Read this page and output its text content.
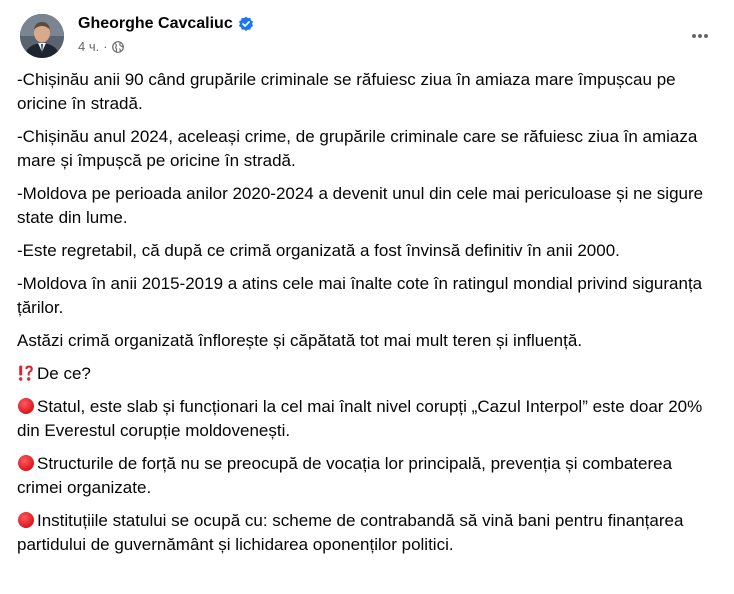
Gheorghe Cavcaliuc
4 ч. ·

-Chișinău anii 90 când grupările criminale se răfuiesc ziua în amiaza mare împușcau pe oricine în stradă.

-Chișinău anul 2024, aceleași crime, de grupările criminale care se răfuiesc ziua în amiaza mare și împușcă pe oricine în stradă.

-Moldova pe perioada anilor 2020-2024 a devenit unul din cele mai periculoase și ne sigure state din lume.

-Este regretabil, că după ce crimă organizată a fost învinsă definitiv în anii 2000.

-Moldova în anii 2015-2019 a atins cele mai înalte cote în ratingul mondial privind siguranța țărilor.

Astăzi crimă organizată înflorește și căpătată tot mai mult teren și influență.

De ce?

Statul, este slab și funcționari la cel mai înalt nivel corupți „Cazul Interpol” este doar 20% din Everestul corupție moldovenești.

Structurile de forță nu se preocupă de vocația lor principală, prevenția și combaterea crimei organizate.

Instituțiile statului se ocupă cu: scheme de contrabandă să vină bani pentru finanțarea partidului de guvernământ și lichidarea oponenților politici.
